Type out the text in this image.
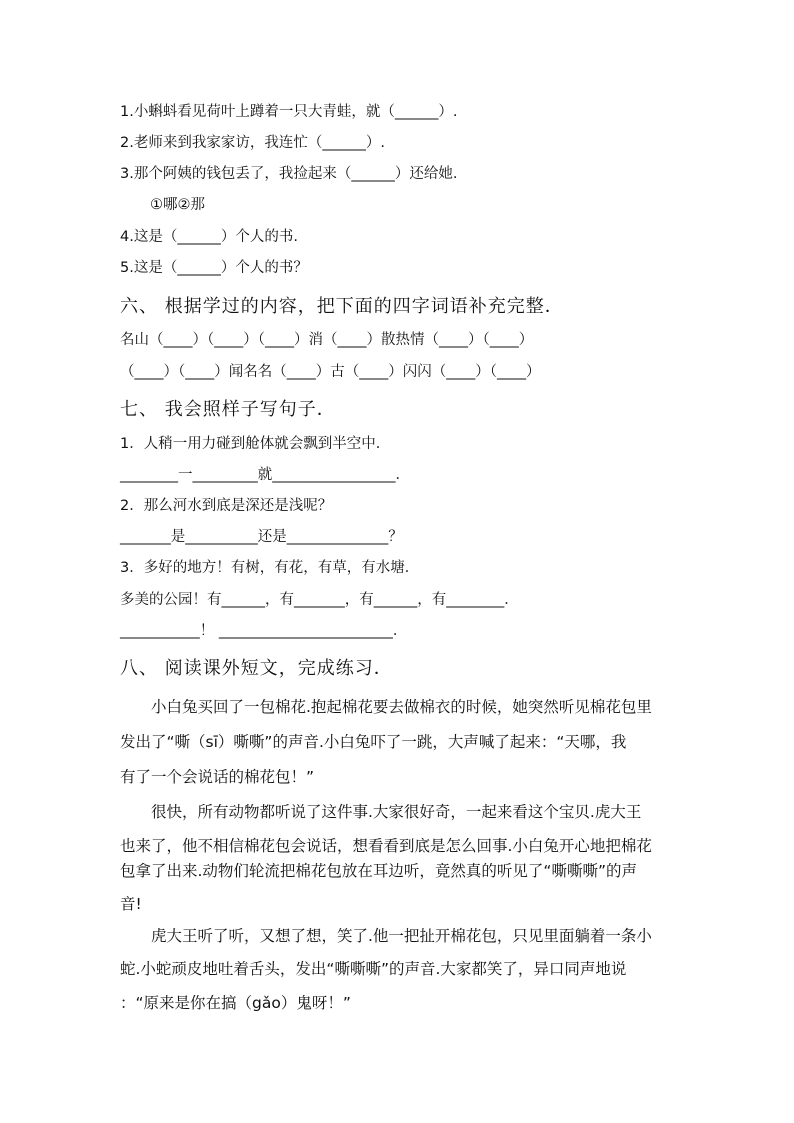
1.小蝌蚪看见荷叶上蹲着一只大青蛙，就（______）.
2.老师来到我家家访，我连忙（______）.
3.那个阿姨的钱包丢了，我捡起来（______）还给她.
①哪②那
4.这是（______）个人的书.
5.这是（______）个人的书？
六、 根据学过的内容，把下面的四字词语补充完整．
名山（____）（____）（____）消（____）散热情（____）（____）
（____）（____）闻名名（____）古（____）闪闪（____）（____）
七、 我会照样子写句子．
1．人稍一用力碰到舱体就会飘到半空中．
________一_________就_________________．
2．那么河水到底是深还是浅呢？
_______是__________还是______________？
3．多好的地方！有树，有花，有草，有水塘．
多美的公园！有______，有_______，有______，有________．
___________！ ________________________．
八、 阅读课外短文，完成练习．
　　小白兔买回了一包棉花.抱起棉花要去做棉衣的时候，她突然听见棉花包里
发出了“嘶（sī）嘶嘶”的声音.小白兔吓了一跳，大声喊了起来：“天哪，我
有了一个会说话的棉花包！”
　　很快，所有动物都听说了这件事.大家很好奇，一起来看这个宝贝.虎大王
也来了，他不相信棉花包会说话，想看看到底是怎么回事.小白兔开心地把棉花
包拿了出来.动物们轮流把棉花包放在耳边听，竟然真的听见了“嘶嘶嘶”的声
音!
　　虎大王听了听，又想了想，笑了.他一把扯开棉花包，只见里面躺着一条小
蛇.小蛇顽皮地吐着舌头，发出“嘶嘶嘶”的声音.大家都笑了，异口同声地说
：“原来是你在搞（gǎo）鬼呀！”
